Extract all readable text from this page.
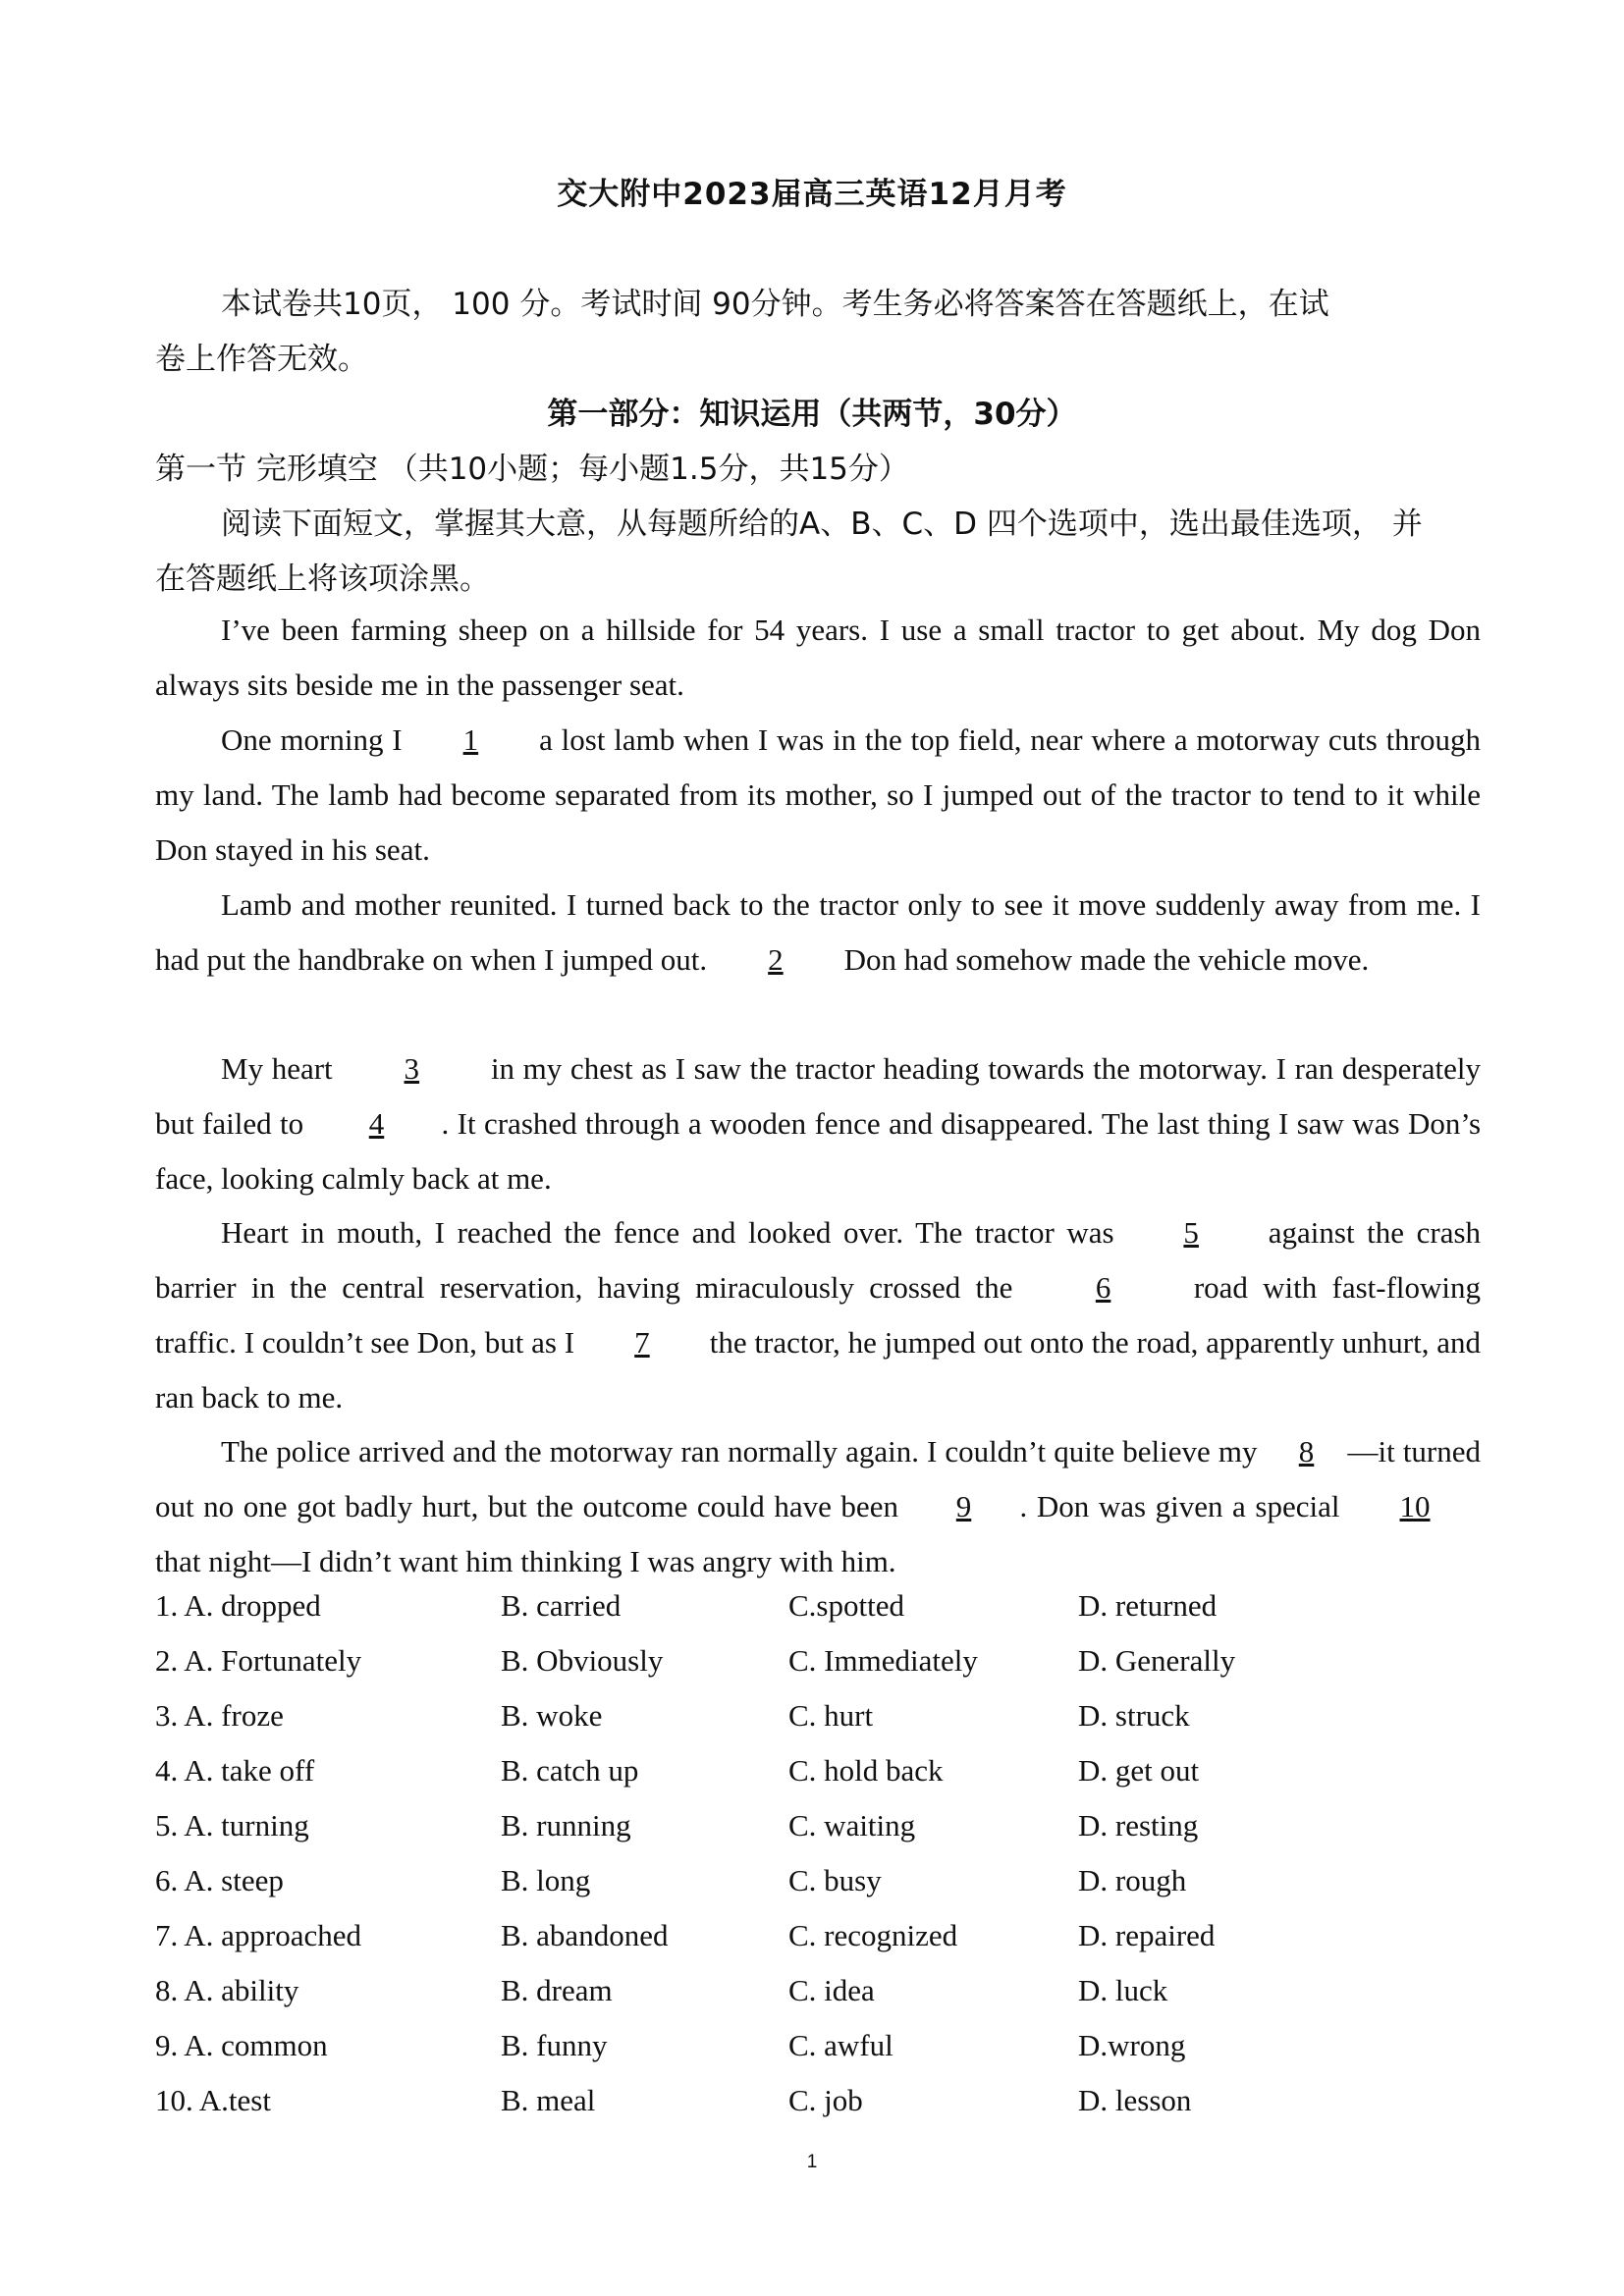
交大附中2023届高三英语12月月考
本试卷共10页， 100 分。考试时间 90分钟。考生务必将答案答在答题纸上，在试
卷上作答无效。
第一部分：知识运用（共两节，30分）
第一节 完形填空 （共10小题；每小题1.5分，共15分）
阅读下面短文，掌握其大意，从每题所给的A、B、C、D 四个选项中，选出最佳选项， 并
在答题纸上将该项涂黑。

I’ve been farming sheep on a hillside for 54 years. I use a small tractor to get about. My dog Don always sits beside me in the passenger seat.

One morning I 1 a lost lamb when I was in the top field, near where a motorway cuts through my land. The lamb had become separated from its mother, so I jumped out of the tractor to tend to it while Don stayed in his seat.

Lamb and mother reunited. I turned back to the tractor only to see it move suddenly away from me. I had put the handbrake on when I jumped out. 2 Don had somehow made the vehicle move.

My heart 3 in my chest as I saw the tractor heading towards the motorway. I ran desperately but failed to 4 . It crashed through a wooden fence and disappeared. The last thing I saw was Don’s face, looking calmly back at me.

Heart in mouth, I reached the fence and looked over. The tractor was 5 against the crash barrier in the central reservation, having miraculously crossed the	6	road with fast-flowing traffic. I couldn’t see Don, but as I 7 the tractor, he jumped out onto the road, apparently unhurt, and ran back to me.

The police arrived and the motorway ran normally again. I couldn’t quite believe my 8 —it turned out no one got badly hurt, but the outcome could have been 9 . Don was given a special 10 that night—I didn’t want him thinking I was angry with him.

1. A. dropped	B. carried	C.spotted	D. returned
2. A. Fortunately	B. Obviously	C. Immediately	D. Generally
3. A. froze	B. woke	C. hurt	D. struck
4. A. take off	B. catch up	C. hold back	D. get out
5. A. turning	B. running	C. waiting	D. resting
6. A. steep	B. long	C. busy	D. rough
7. A. approached	B. abandoned	C. recognized	D. repaired
8. A. ability	B. dream	C. idea	D. luck
9. A. common	B. funny	C. awful	D.wrong
10. A.test	B. meal	C. job	D. lesson
1
